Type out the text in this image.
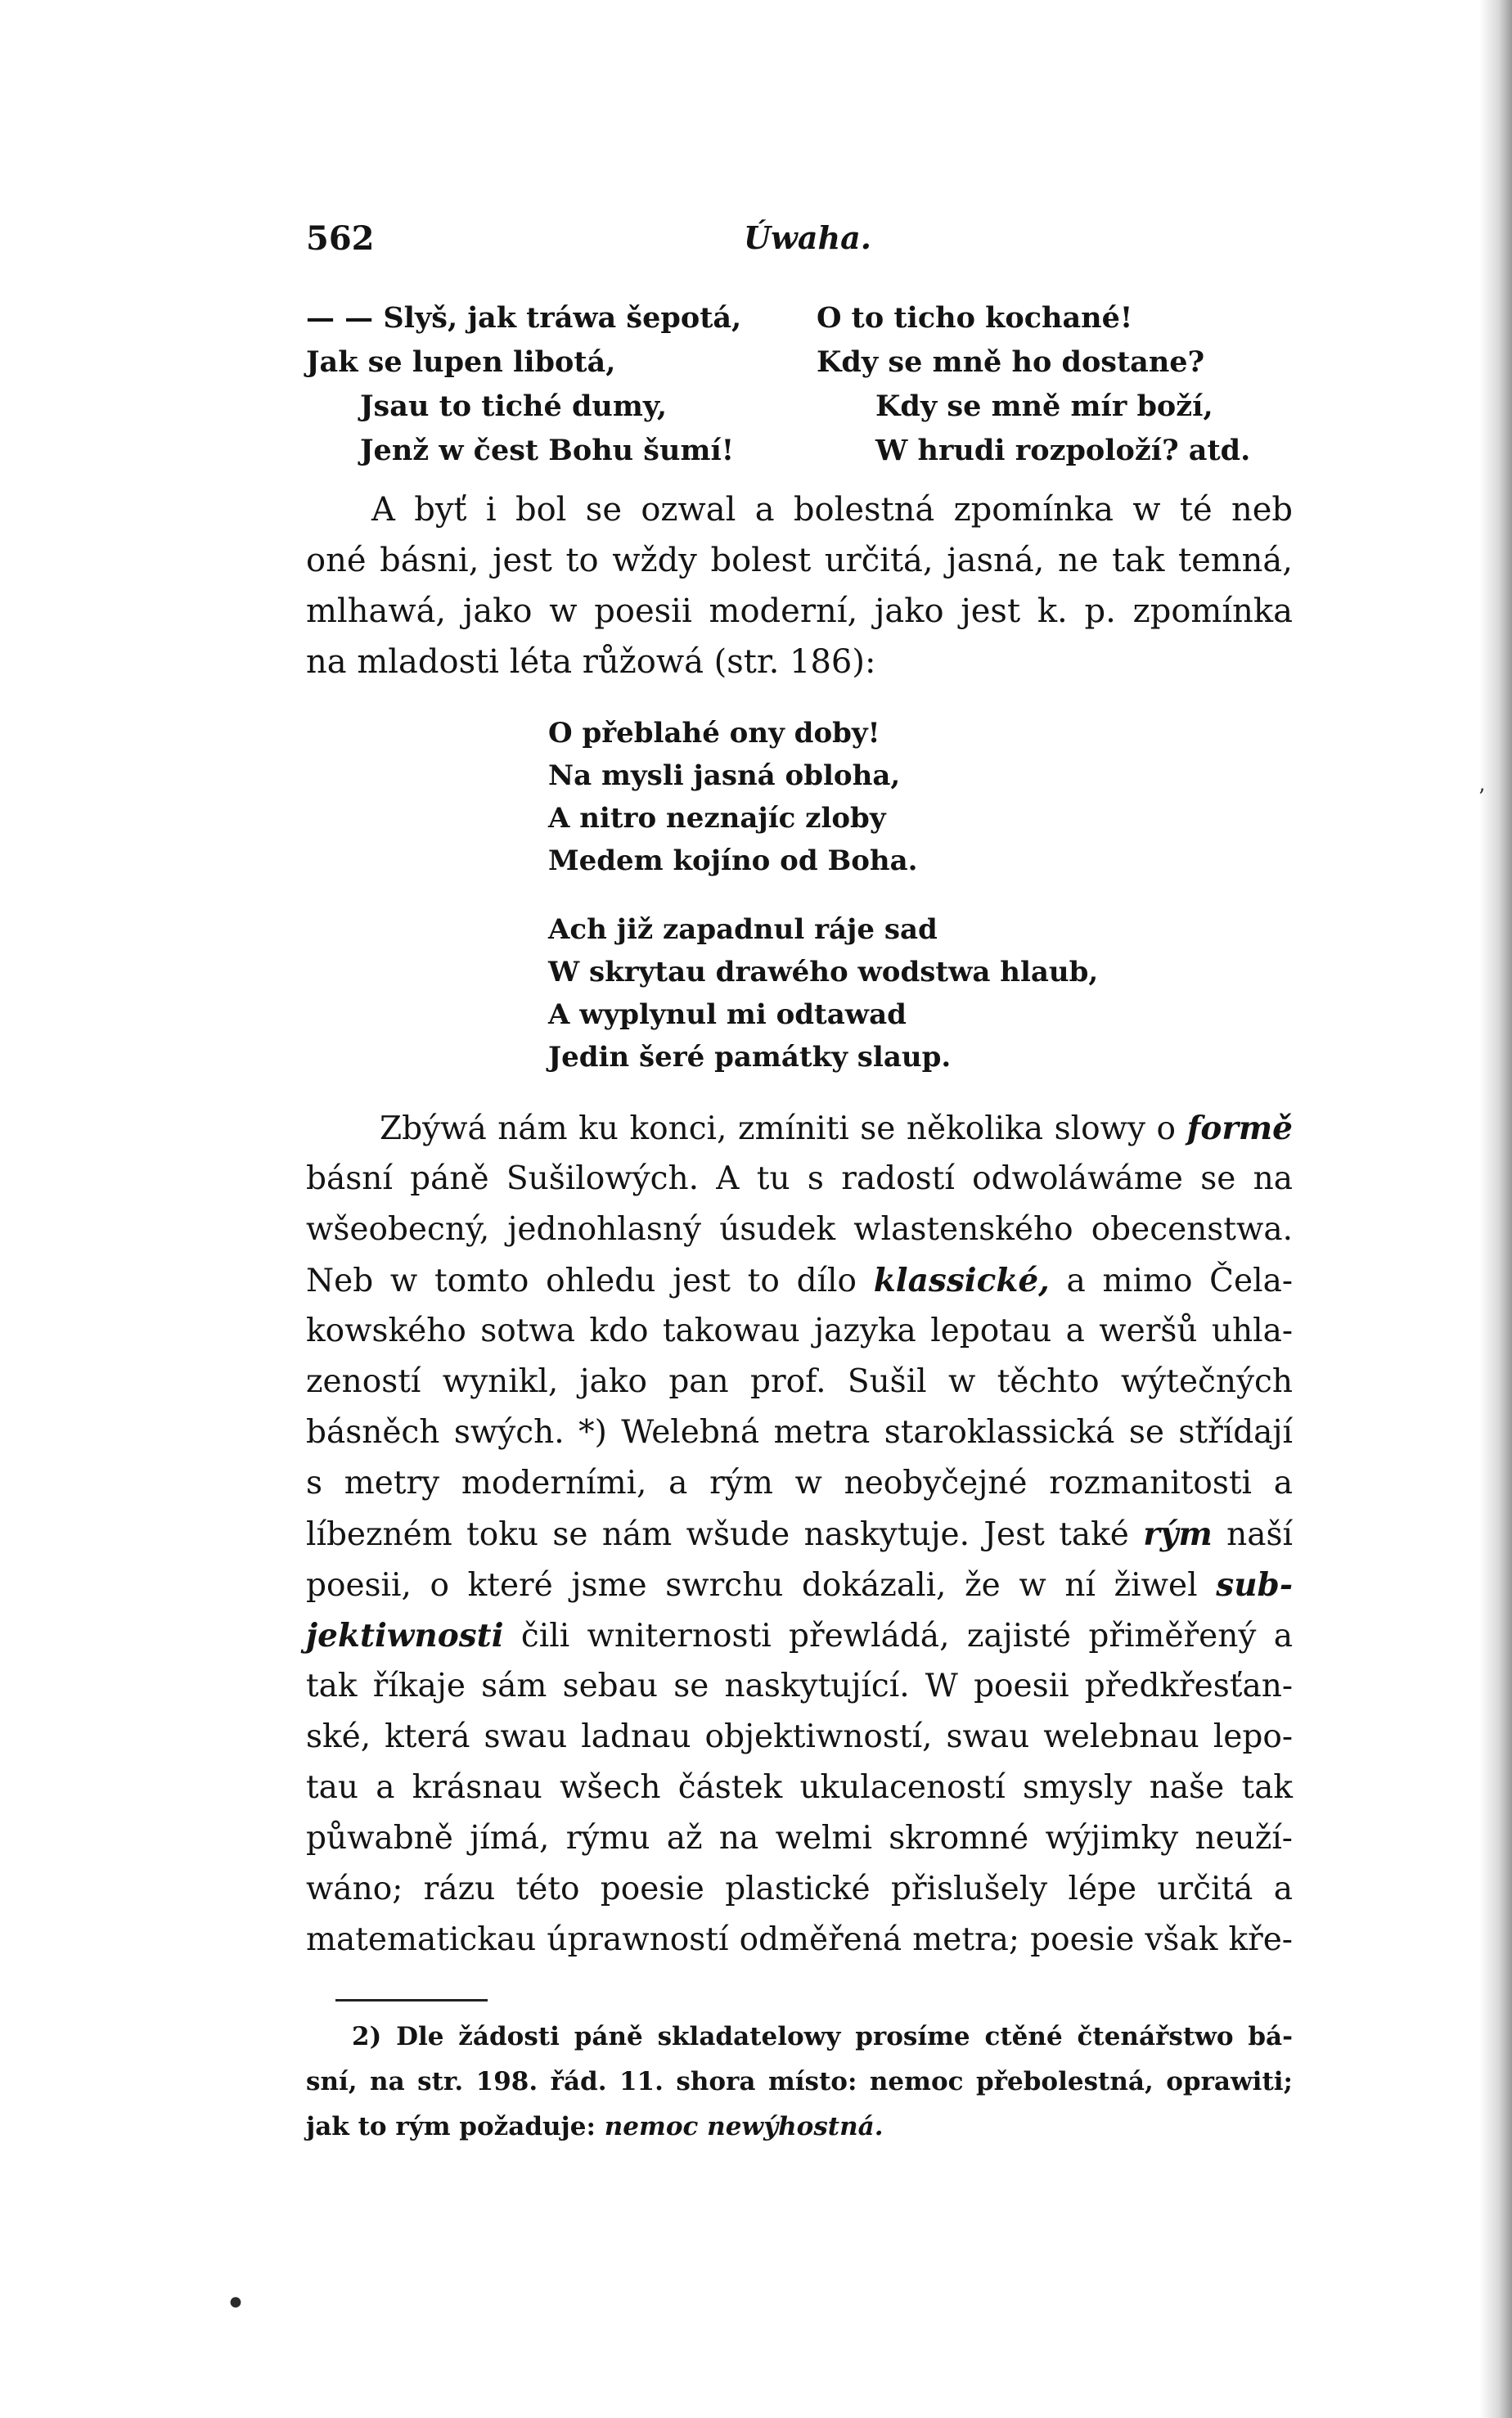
ʼ
•
562	Úwaha.
— — Slyš, jak tráwa šepotá,
Jak se lupen libotá,
Jsau to tiché dumy,
Jenž w čest Bohu šumí!
O to ticho kochané!
Kdy se mně ho dostane?
Kdy se mně mír boží,
W hrudi rozpoloží? atd.
A byť i bol se ozwal a bolestná zpomínka w té neb
oné básni, jest to wždy bolest určitá, jasná, ne tak temná,
mlhawá, jako w poesii moderní, jako jest k. p. zpomínka
na mladosti léta růžowá (str. 186):
O přeblahé ony doby!
Na mysli jasná obloha,
A nitro neznajíc zloby
Medem kojíno od Boha.
Ach již zapadnul ráje sad
W skrytau drawého wodstwa hlaub,
A wyplynul mi odtawad
Jedin šeré památky slaup.
Zbýwá nám ku konci, zmíniti se několika slowy o formě
básní páně Sušilowých. A tu s radostí odwoláwáme se na
wšeobecný, jednohlasný úsudek wlastenského obecenstwa.
Neb w tomto ohledu jest to dílo klassické, a mimo Čela-
kowského sotwa kdo takowau jazyka lepotau a weršů uhla-
zeností wynikl, jako pan prof. Sušil w těchto wýtečných
básněch swých. *) Welebná metra staroklassická se střídají
s metry moderními, a rým w neobyčejné rozmanitosti a
líbezném toku se nám wšude naskytuje. Jest také rým naší
poesii, o které jsme swrchu dokázali, že w ní žiwel sub-
jektiwnosti čili wniternosti přewládá, zajisté přiměřený a
tak říkaje sám sebau se naskytující. W poesii předkřesťan-
ské, která swau ladnau objektiwností, swau welebnau lepo-
tau a krásnau wšech částek ukulaceností smysly naše tak
půwabně jímá, rýmu až na welmi skromné wýjimky neuží-
wáno; rázu této poesie plastické přislušely lépe určitá a
matematickau úprawností odměřená metra; poesie však kře-
2) Dle žádosti páně skladatelowy prosíme ctěné čtenářstwo bá-
sní, na str. 198. řád. 11. shora místo: nemoc přebolestná, oprawiti;
jak to rým požaduje: nemoc newýhostná.
